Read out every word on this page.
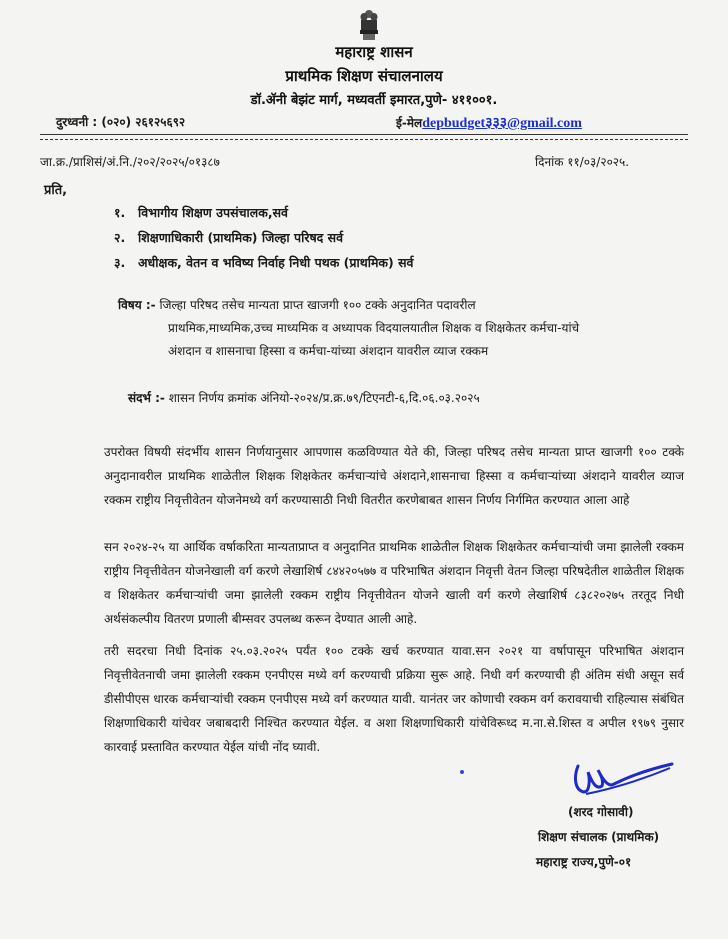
महाराष्ट्र शासन
प्राथमिक शिक्षण संचालनालय
डॉ.ॲनी बेझंट मार्ग, मध्यवर्ती इमारत,पुणे- ४११००१.
दुरध्वनी : (०२०) २६१२५६९२	ई-मेलdepbudget३३३@gmail.com
जा.क्र./प्राशिसं/अं.नि./२०२/२०२५/०१३८७	दिनांक ११/०३/२०२५.
प्रति,
१. विभागीय शिक्षण उपसंचालक,सर्व
२. शिक्षणाधिकारी (प्राथमिक) जिल्हा परिषद सर्व
३. अधीक्षक, वेतन व भविष्य निर्वाह निधी पथक (प्राथमिक) सर्व
विषय :- जिल्हा परिषद तसेच मान्यता प्राप्त खाजगी १०० टक्के अनुदानित पदावरील
प्राथमिक,माध्यमिक,उच्च माध्यमिक व अध्यापक विदयालयातील शिक्षक व शिक्षकेतर कर्मचा-यांचे
अंशदान व शासनाचा हिस्सा व कर्मचा-यांच्या अंशदान यावरील व्याज रक्कम
संदर्भ :- शासन निर्णय क्रमांक अंनियो-२०२४/प्र.क्र.७९/टिएनटी-६,दि.०६.०३.२०२५

उपरोक्त विषयी संदर्भीय शासन निर्णयानुसार आपणास कळविण्यात येते की, जिल्हा परिषद तसेच मान्यता प्राप्त खाजगी १०० टक्के अनुदानावरील प्राथमिक शाळेतील शिक्षक शिक्षकेतर कर्मचाऱ्यांचे अंशदाने,शासनाचा हिस्सा व कर्मचाऱ्यांच्या अंशदाने यावरील व्याज रक्कम राष्ट्रीय निवृत्तीवेतन योजनेमध्ये वर्ग करण्यासाठी निधी वितरीत करणेबाबत शासन निर्णय निर्गमित करण्यात आला आहे

सन २०२४-२५ या आर्थिक वर्षाकरिता मान्यताप्राप्त व अनुदानित प्राथमिक शाळेतील शिक्षक शिक्षकेतर कर्मचाऱ्यांची जमा झालेली रक्कम राष्ट्रीय निवृत्तीवेतन योजनेखाली वर्ग करणे लेखाशिर्ष ८४४२०५७७ व परिभाषित अंशदान निवृत्ती वेतन जिल्हा परिषदेतील शाळेतील शिक्षक व शिक्षकेतर कर्मचाऱ्यांची जमा झालेली रक्कम राष्ट्रीय निवृत्तीवेतन योजने खाली वर्ग करणे लेखाशिर्ष ८३८२०२७५ तरतूद निधी अर्थसंकल्पीय वितरण प्रणाली बीम्सवर उपलब्ध करून देण्यात आली आहे.

तरी सदरचा निधी दिनांक २५.०३.२०२५ पर्यंत १०० टक्के खर्च करण्यात यावा.सन २०२१ या वर्षापासून परिभाषित अंशदान निवृत्तीवेतनाची जमा झालेली रक्कम एनपीएस मध्ये वर्ग करण्याची प्रक्रिया सुरू आहे. निधी वर्ग करण्याची ही अंतिम संधी असून सर्व डीसीपीएस धारक कर्मचाऱ्यांची रक्कम एनपीएस मध्ये वर्ग करण्यात यावी. यानंतर जर कोणाची रक्कम वर्ग करावयाची राहिल्यास संबंधित शिक्षणाधिकारी यांचेवर जबाबदारी निश्चित करण्यात येईल. व अशा शिक्षणाधिकारी यांचेविरूध्द म.ना.से.शिस्त व अपील १९७९ नुसार कारवाई प्रस्तावित करण्यात येईल यांची नोंद घ्यावी.

(शरद गोसावी)
शिक्षण संचालक (प्राथमिक)
महाराष्ट्र राज्य,पुणे-०१
